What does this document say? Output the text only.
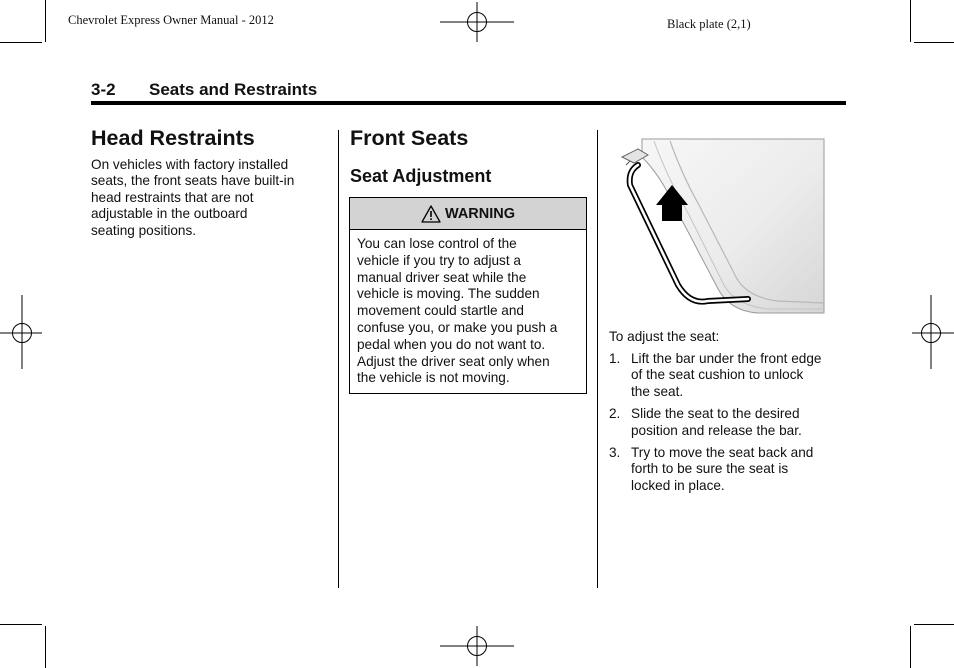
Chevrolet Express Owner Manual - 2012	Black plate (2,1)
3-2 Seats and Restraints
Head Restraints
On vehicles with factory installed
seats, the front seats have built-in
head restraints that are not
adjustable in the outboard
seating positions.
Front Seats
Seat Adjustment
WARNING
You can lose control of the
vehicle if you try to adjust a
manual driver seat while the
vehicle is moving. The sudden
movement could startle and
confuse you, or make you push a
pedal when you do not want to.
Adjust the driver seat only when
the vehicle is not moving.
To adjust the seat:
1. Lift the bar under the front edge
of the seat cushion to unlock
the seat.
2. Slide the seat to the desired
position and release the bar.
3. Try to move the seat back and
forth to be sure the seat is
locked in place.
